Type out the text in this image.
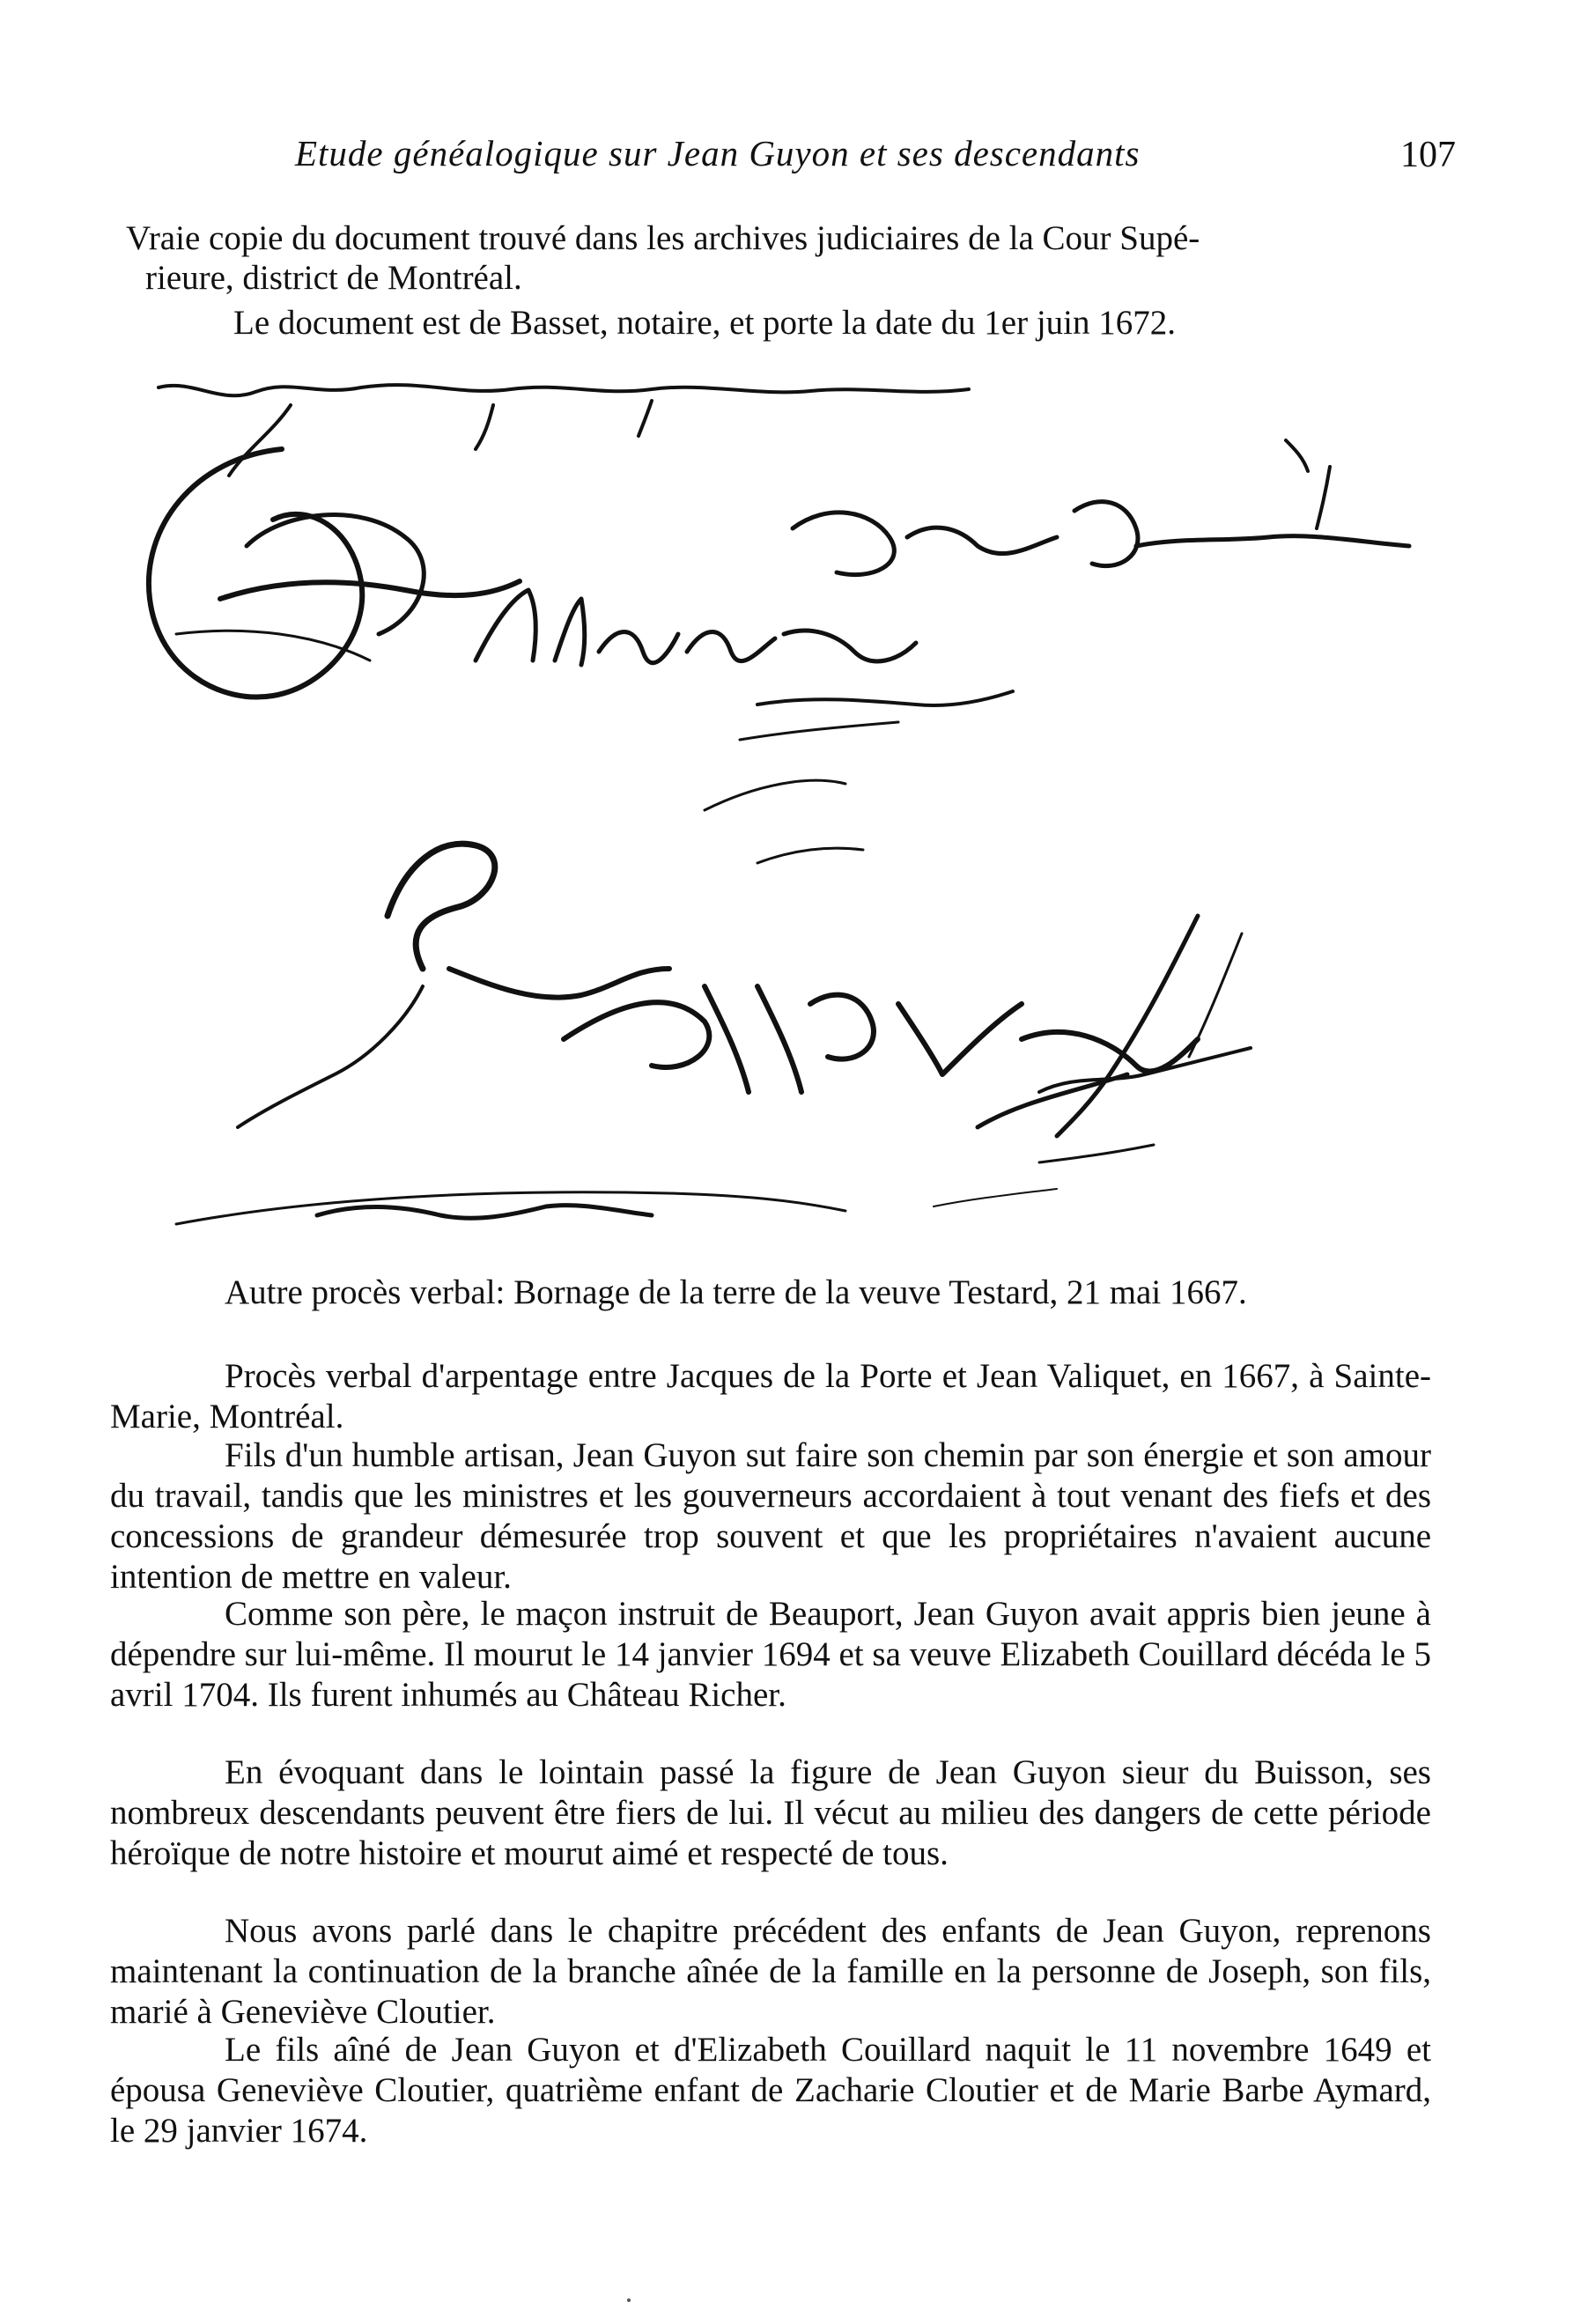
Etude généalogique sur Jean Guyon et ses descendants	107
Vraie copie du document trouvé dans les archives judiciaires de la Cour Supé-
rieure, district de Montréal.
Le document est de Basset, notaire, et porte la date du 1er juin 1672.

Autre procès verbal: Bornage de la terre de la veuve Testard, 21 mai 1667.

Procès verbal d'arpentage entre Jacques de la Porte et Jean Valiquet, en 1667, à Sainte-Marie, Montréal.

Fils d'un humble artisan, Jean Guyon sut faire son chemin par son énergie et son amour du travail, tandis que les ministres et les gouverneurs accordaient à tout venant des fiefs et des concessions de grandeur démesurée trop souvent et que les propriétaires n'avaient aucune intention de mettre en valeur.

Comme son père, le maçon instruit de Beauport, Jean Guyon avait appris bien jeune à dépendre sur lui-même. Il mourut le 14 janvier 1694 et sa veuve Elizabeth Couillard décéda le 5 avril 1704. Ils furent inhumés au Château Richer.

En évoquant dans le lointain passé la figure de Jean Guyon sieur du Buisson, ses nombreux descendants peuvent être fiers de lui. Il vécut au milieu des dangers de cette période héroïque de notre histoire et mourut aimé et respecté de tous.

Nous avons parlé dans le chapitre précédent des enfants de Jean Guyon, reprenons maintenant la continuation de la branche aînée de la famille en la personne de Joseph, son fils, marié à Geneviève Cloutier.

Le fils aîné de Jean Guyon et d'Elizabeth Couillard naquit le 11 novembre 1649 et épousa Geneviève Cloutier, quatrième enfant de Zacharie Cloutier et de Marie Barbe Aymard, le 29 janvier 1674.
